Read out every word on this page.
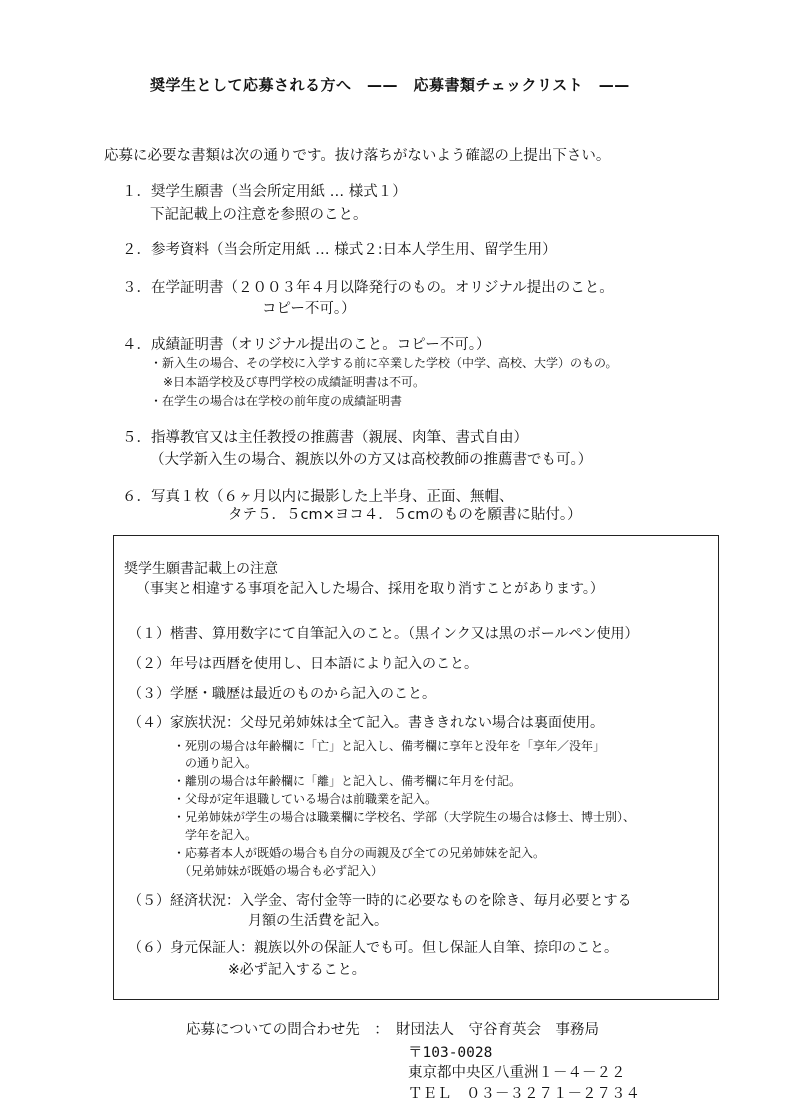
奨学生として応募される方へ　——　応募書類チェックリスト　——
応募に必要な書類は次の通りです。抜け落ちがないよう確認の上提出下さい。
１．奨学生願書（当会所定用紙 … 様式１）
下記記載上の注意を参照のこと。
２．参考資料（当会所定用紙 … 様式２:日本人学生用、留学生用）
３．在学証明書（２００３年４月以降発行のもの。オリジナル提出のこと。
コピー不可。）
４．成績証明書（オリジナル提出のこと。コピー不可。）
・新入生の場合、その学校に入学する前に卒業した学校（中学、高校、大学）のもの。
※日本語学校及び専門学校の成績証明書は不可。
・在学生の場合は在学校の前年度の成績証明書
５．指導教官又は主任教授の推薦書（親展、肉筆、書式自由）
（大学新入生の場合、親族以外の方又は高校教師の推薦書でも可。）
６．写真１枚（６ヶ月以内に撮影した上半身、正面、無帽、
タテ５．５cm×ヨコ４．５cmのものを願書に貼付。）
奨学生願書記載上の注意
（事実と相違する事項を記入した場合、採用を取り消すことがあります。）
（１）楷書、算用数字にて自筆記入のこと。（黒インク又は黒のボールペン使用）
（２）年号は西暦を使用し、日本語により記入のこと。
（３）学歴・職歴は最近のものから記入のこと。
（４）家族状況：父母兄弟姉妹は全て記入。書ききれない場合は裏面使用。
・死別の場合は年齢欄に「亡」と記入し、備考欄に享年と没年を「享年／没年」
　の通り記入。
・離別の場合は年齢欄に「離」と記入し、備考欄に年月を付記。
・父母が定年退職している場合は前職業を記入。
・兄弟姉妹が学生の場合は職業欄に学校名、学部（大学院生の場合は修士、博士別）、
　学年を記入。
・応募者本人が既婚の場合も自分の両親及び全ての兄弟姉妹を記入。
　（兄弟姉妹が既婚の場合も必ず記入）
（５）経済状況：入学金、寄付金等一時的に必要なものを除き、毎月必要とする
月額の生活費を記入。
（６）身元保証人：親族以外の保証人でも可。但し保証人自筆、捺印のこと。
※必ず記入すること。
応募についての問合わせ先　：　財団法人　守谷育英会　事務局
〒103-0028
東京都中央区八重洲１－４－２２
ＴＥＬ　０３－３２７１－２７３４
